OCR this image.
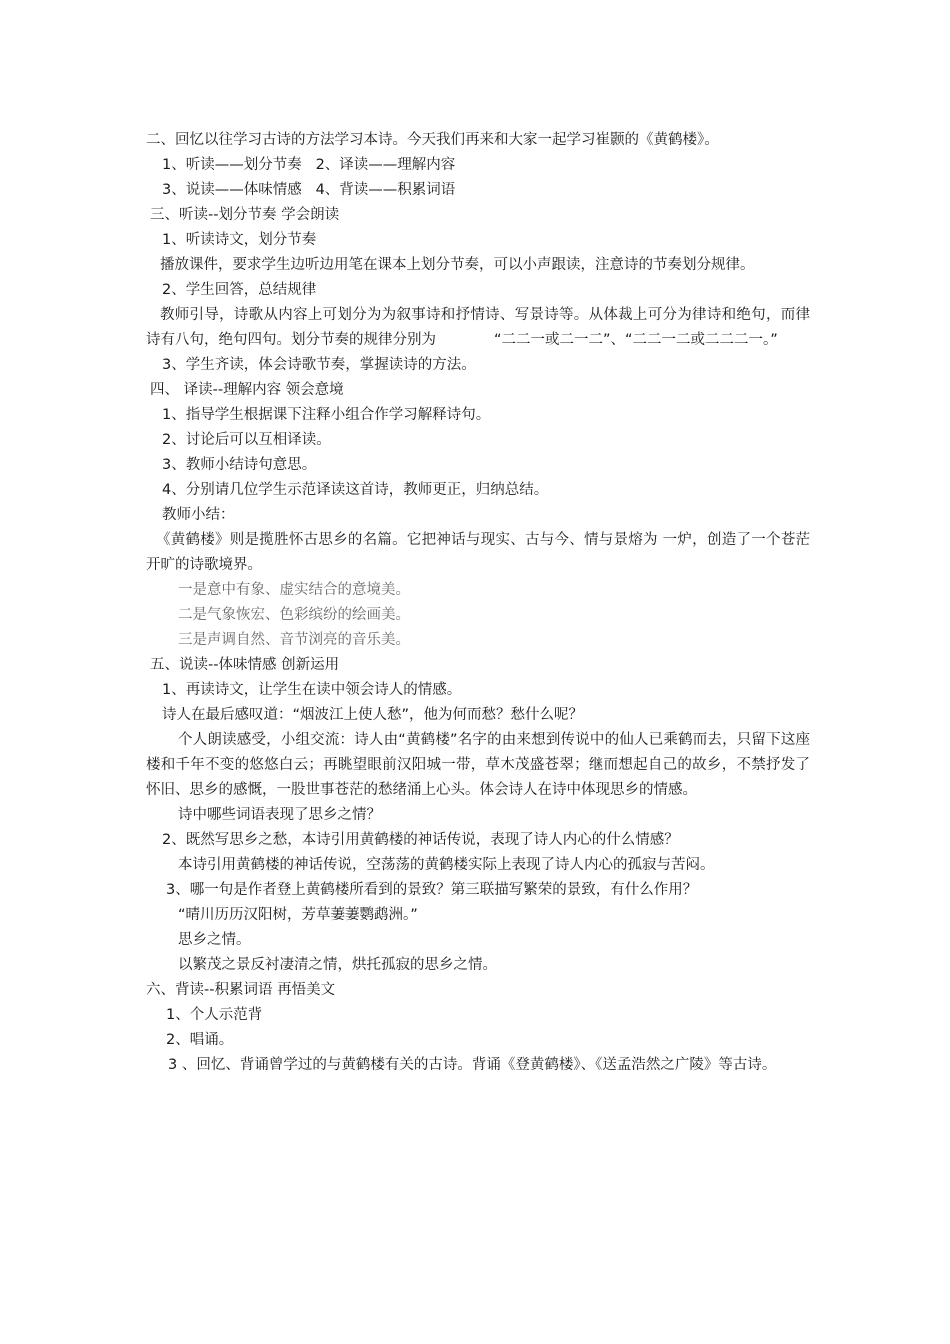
二、回忆以往学习古诗的方法学习本诗。今天我们再来和大家一起学习崔颢的《黄鹤楼》。
1、听读——划分节奏 2、译读——理解内容
3、说读——体味情感 4、背读——积累词语
三、听读--划分节奏 学会朗读
1、听读诗文，划分节奏
播放课件，要求学生边听边用笔在课本上划分节奏，可以小声跟读，注意诗的节奏划分规律。
2、学生回答，总结规律
教师引导，诗歌从内容上可划分为为叙事诗和抒情诗、写景诗等。从体裁上可分为律诗和绝句，而律诗有八句，绝句四句。划分节奏的规律分别为	“二二一或二一二”、“二二一二或二二二一。”
3、学生齐读，体会诗歌节奏，掌握读诗的方法。
四、 译读--理解内容 领会意境
1、指导学生根据课下注释小组合作学习解释诗句。
2、讨论后可以互相译读。
3、教师小结诗句意思。
4、分别请几位学生示范译读这首诗，教师更正，归纳总结。
教师小结：
《黄鹤楼》则是揽胜怀古思乡的名篇。它把神话与现实、古与今、情与景熔为 一炉，创造了一个苍茫开旷的诗歌境界。
一是意中有象、虚实结合的意境美。
二是气象恢宏、色彩缤纷的绘画美。
三是声调自然、音节浏亮的音乐美。
五、说读--体味情感 创新运用
1、再读诗文，让学生在读中领会诗人的情感。
诗人在最后感叹道：“烟波江上使人愁”，他为何而愁？愁什么呢？
个人朗读感受，小组交流：诗人由“黄鹤楼”名字的由来想到传说中的仙人已乘鹤而去，只留下这座楼和千年不变的悠悠白云；再眺望眼前汉阳城一带，草木茂盛苍翠；继而想起自己的故乡，不禁抒发了怀旧、思乡的感慨，一股世事苍茫的愁绪涌上心头。体会诗人在诗中体现思乡的情感。
诗中哪些词语表现了思乡之情？
2、既然写思乡之愁，本诗引用黄鹤楼的神话传说，表现了诗人内心的什么情感？
本诗引用黄鹤楼的神话传说，空荡荡的黄鹤楼实际上表现了诗人内心的孤寂与苦闷。
3、哪一句是作者登上黄鹤楼所看到的景致？第三联描写繁荣的景致，有什么作用？
“晴川历历汉阳树，芳草萋萋鹦鹉洲。”
思乡之情。
以繁茂之景反衬凄清之情，烘托孤寂的思乡之情。
六、背读--积累词语 再悟美文
1、个人示范背
2、唱诵。
3 、回忆、背诵曾学过的与黄鹤楼有关的古诗。背诵《登黄鹤楼》、《送孟浩然之广陵》等古诗。
